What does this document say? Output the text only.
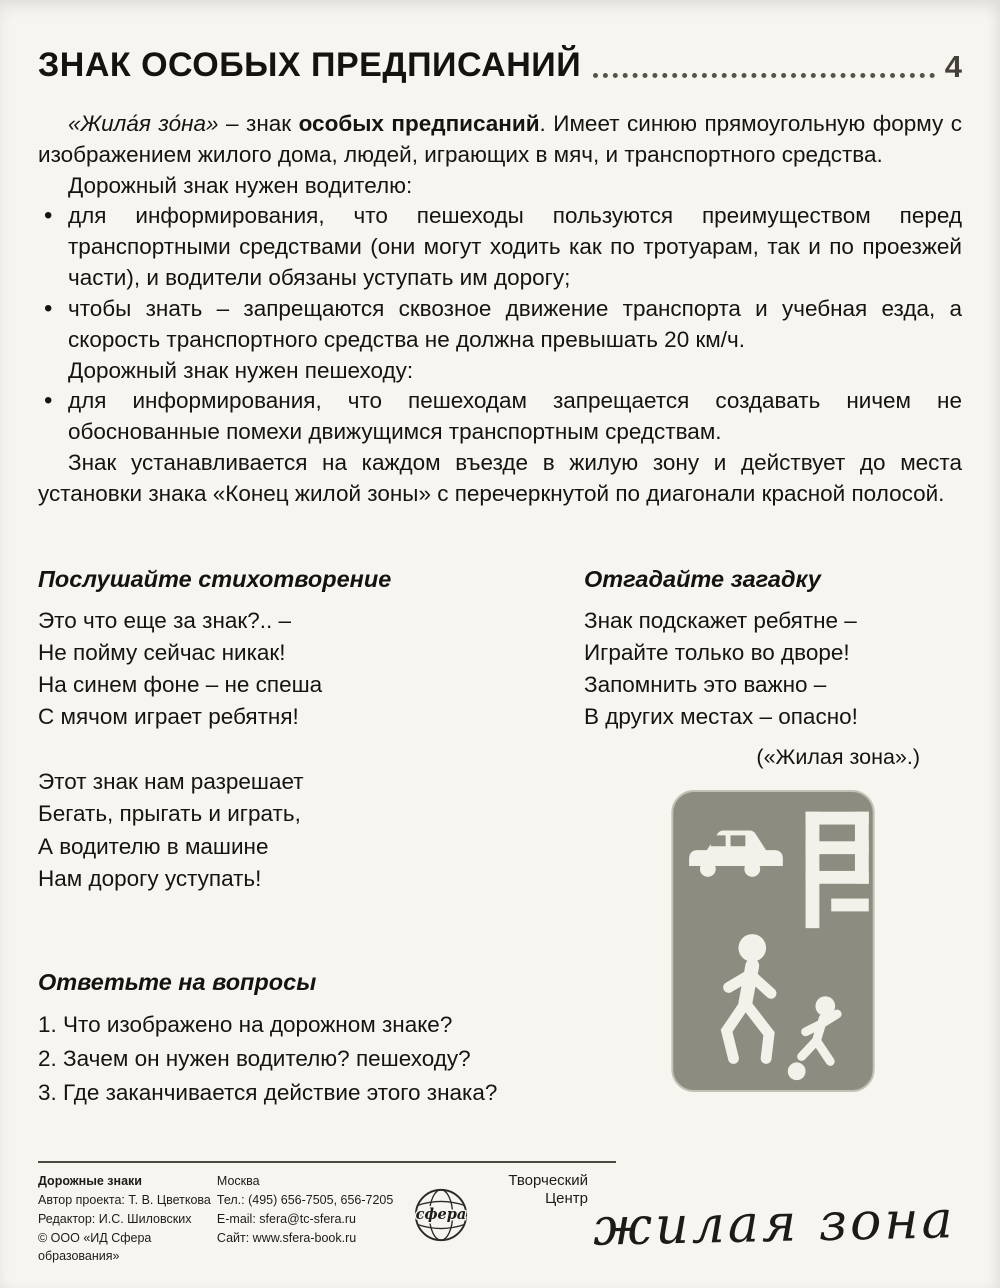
ЗНАК ОСОБЫХ ПРЕДПИСАНИЙ	4

«Жила́я зо́на» – знак особых предписаний. Имеет синюю прямоугольную форму с изображением жилого дома, людей, играющих в мяч, и транспортного средства.

Дорожный знак нужен водителю:

•
для информирования, что пешеходы пользуются преимуществом перед транспортными средствами (они могут ходить как по тротуарам, так и по проезжей части), и водители обязаны уступать им дорогу;
•
чтобы знать – запрещаются сквозное движение транспорта и учебная езда, а скорость транспортного средства не должна превышать 20 км/ч.

Дорожный знак нужен пешеходу:

•
для информирования, что пешеходам запрещается создавать ничем не обоснованные помехи движущимся транспортным средствам.

Знак устанавливается на каждом въезде в жилую зону и действует до места установки знака «Конец жилой зоны» с перечеркнутой по диагонали красной полосой.

Послушайте стихотворение
Это что еще за знак?.. –
Не пойму сейчас никак!
На синем фоне – не спеша
С мячом играет ребятня!
Этот знак нам разрешает
Бегать, прыгать и играть,
А водителю в машине
Нам дорогу уступать!
Ответьте на вопросы
1. Что изображено на дорожном знаке?
2. Зачем он нужен водителю? пешеходу?
3. Где заканчивается действие этого знака?
Отгадайте загадку
Знак подскажет ребятне –
Играйте только во дворе!
Запомнить это важно –
В других местах – опасно!
(«Жилая зона».)
жилая зона
Дорожные знаки
Автор проекта: Т. В. Цветкова
Редактор: И.С. Шиловских
© ООО «ИД Сфера образования»
Москва
Тел.: (495) 656-7505, 656-7205
E-mail: sfera@tc-sfera.ru
Сайт: www.sfera-book.ru
сфера
Творческий
Центр
